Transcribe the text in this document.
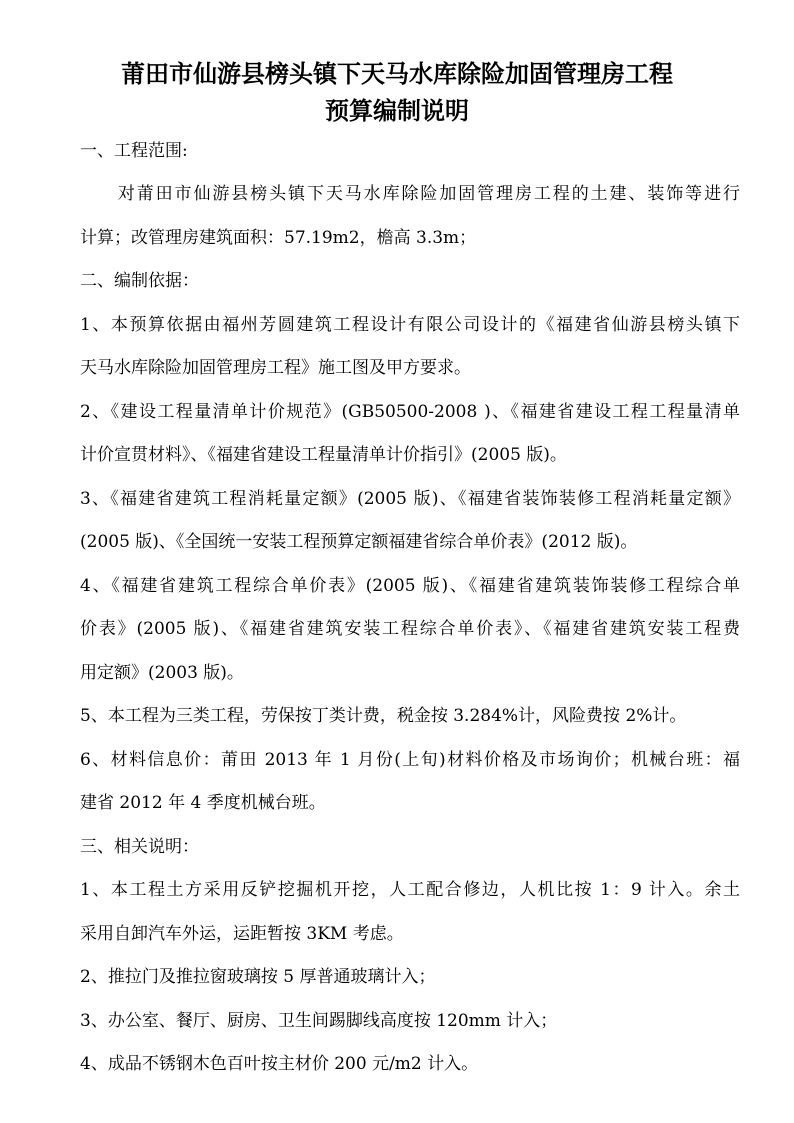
莆田市仙游县榜头镇下天马水库除险加固管理房工程
预算编制说明
一、工程范围:
　　对莆田市仙游县榜头镇下天马水库除险加固管理房工程的土建、装饰等进行
计算；改管理房建筑面积：57.19m2，檐高 3.3m；
二、编制依据：
1、本预算依据由福州芳圆建筑工程设计有限公司设计的《福建省仙游县榜头镇下
天马水库除险加固管理房工程》施工图及甲方要求。
2、《建设工程量清单计价规范》(GB50500-2008 )、《福建省建设工程工程量清单
计价宣贯材料》、《福建省建设工程量清单计价指引》(2005 版)。
3、《福建省建筑工程消耗量定额》(2005 版)、《福建省装饰装修工程消耗量定额》
(2005 版)、《全国统一安装工程预算定额福建省综合单价表》(2012 版)。
4、《福建省建筑工程综合单价表》(2005 版)、《福建省建筑装饰装修工程综合单
价表》(2005 版)、《福建省建筑安装工程综合单价表》、《福建省建筑安装工程费
用定额》(2003 版)。
5、本工程为三类工程，劳保按丁类计费，税金按 3.284%计，风险费按 2%计。
6、材料信息价：莆田 2013 年 1 月份(上旬)材料价格及市场询价；机械台班：福
建省 2012 年 4 季度机械台班。
三、相关说明：
1、本工程土方采用反铲挖掘机开挖，人工配合修边，人机比按 1：9 计入。余土
采用自卸汽车外运，运距暂按 3KM 考虑。
2、推拉门及推拉窗玻璃按 5 厚普通玻璃计入；
3、办公室、餐厅、厨房、卫生间踢脚线高度按 120mm 计入；
4、成品不锈钢木色百叶按主材价 200 元/m2 计入。
